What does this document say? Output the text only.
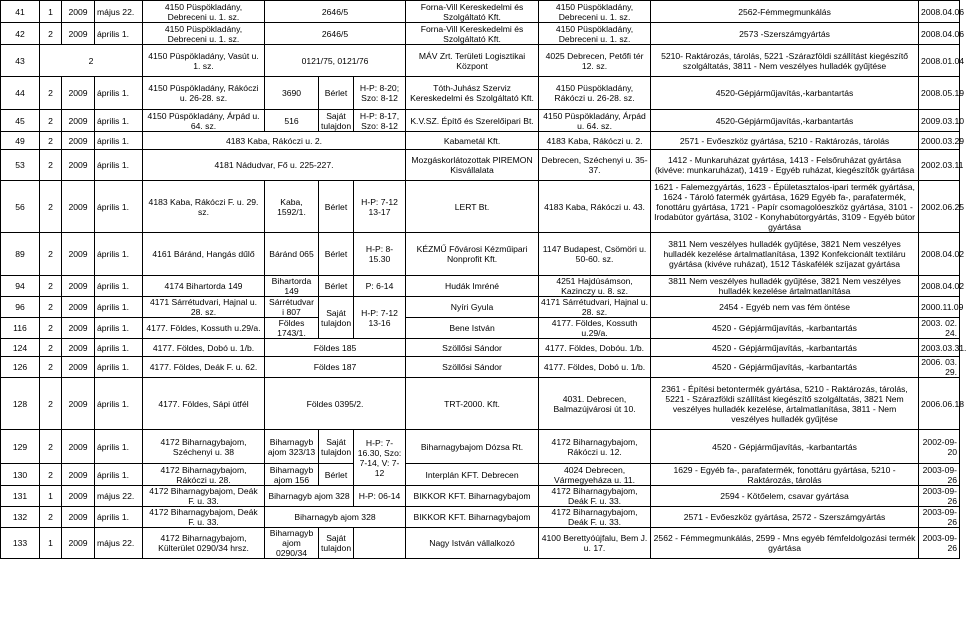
41	1	2009	május 22.	4150 Püspökladány, Debreceni u. 1. sz.	2646/5			Forna-Vill Kereskedelmi és Szolgáltató Kft.	4150 Püspökladány, Debreceni u. 1. sz.	2562-Fémmegmunkálás	2008.04.06
42	2	2009	április 1.	4150 Püspökladány, Debreceni u. 1. sz.	2646/5			Forna-Vill Kereskedelmi és Szolgáltató Kft.	4150 Püspökladány, Debreceni u. 1. sz.	2573 -Szerszámgyártás	2008.04.06
43	2			4150 Püspökladány, Vasút u. 1. sz.	0121/75, 0121/76			MÁV Zrt. Területi Logisztikai Központ	4025 Debrecen, Petőfi tér 12. sz.	5210- Raktározás, tárolás, 5221 -Szárazföldi szállítást kiegészítő szolgáltatás, 3811 - Nem veszélyes hulladék gyűjtése	2008.01.04
44	2	2009	április 1.	4150 Püspökladány, Rákóczi u. 26-28. sz.	3690	Bérlet	H-P: 8-20; Szo: 8-12	Tóth-Juhász Szerviz Kereskedelmi és Szolgáltató Kft.	4150 Püspökladány, Rákóczi u. 26-28. sz.	4520-Gépjárműjavítás,-karbantartás	2008.05.19
45	2	2009	április 1.	4150 Püspökladány, Árpád u. 64. sz.	516	Saját tulajdon	H-P: 8-17, Szo: 8-12	K.V.SZ. Építő és Szerelőipari Bt.	4150 Püspökladány, Árpád u. 64. sz.	4520-Gépjárműjavítás,-karbantartás	2009.03.10
49	2	2009	április 1.	4183 Kaba, Rákóczi u. 2.				Kabametál Kft.	4183 Kaba, Rákóczi u. 2.	2571 - Evőeszköz gyártása, 5210 - Raktározás, tárolás	2000.03.29
53	2	2009	április 1.	4181 Nádudvar, Fő u. 225-227.				Mozgáskorlátozottak PIREMON Kisvállalata	Debrecen, Széchenyi u. 35-37.	1412 - Munkaruházat gyártása, 1413 - Felsőruházat gyártása (kivéve: munkaruházat), 1419 - Egyéb ruházat, kiegészítők gyártása	2002.03.11
56	2	2009	április 1.	4183 Kaba, Rákóczi F. u. 29. sz.	Kaba, 1592/1.	Bérlet	H-P: 7-12 13-17	LERT Bt.	4183 Kaba, Rákóczi u. 43.	1621 - Falemezgyártás, 1623 - Épületasztalos-ipari termék gyártása, 1624 - Tároló fatermék gyártása, 1629 Egyéb fa-, parafatermék, fonottáru gyártása, 1721 - Papír csomagolóeszköz gyártása, 3101 - Irodabútor gyártása, 3102 - Konyhabútorgyártás, 3109 - Egyéb bútor gyártása	2002.06.25
89	2	2009	április 1.	4161 Báránd, Hangás dűlő	Báránd 065	Bérlet	H-P: 8-15.30	KÉZMŰ Fővárosi Kézműipari Nonprofit Kft.	1147 Budapest, Csömöri u. 50-60. sz.	3811 Nem veszélyes hulladék gyűjtése, 3821 Nem veszélyes hulladék kezelése ártalmatlanítása, 1392 Konfekcionált textiláru gyártása (kivéve ruházat), 1512 Táskafélék szíjazat gyártása	2008.04.02
94	2	2009	április 1.	4174 Bihartorda 149	Bihartorda 149	Bérlet	P: 6-14	Hudák Imréné	4251 Hajdúsámson, Kazinczy u. 8. sz.	3811 Nem veszélyes hulladék gyűjtése, 3821 Nem veszélyes hulladék kezelése ártalmatlanítása	2008.04.02
96	2	2009	április 1.	4171 Sárrétudvari, Hajnal u. 28. sz.	Sárrétudvar i 807	Saját tulajdon	H-P: 7-12 13-16	Nyíri Gyula	4171 Sárrétudvari, Hajnal u. 28. sz.	2454 - Egyéb nem vas fém öntése	2000.11.09
116	2	2009	április 1.	4177. Földes, Kossuth u.29/a.	Földes 1743/1.			Bene István	4177. Földes, Kossuth u.29/a.	4520 - Gépjárműjavítás, -karbantartás	2003. 02. 24.
124	2	2009	április 1.	4177. Földes, Dobó u. 1/b.	Földes 185			Szöllősi Sándor	4177. Földes, Dobóu. 1/b.	4520 - Gépjárműjavítás, -karbantartás	2003.03.31.
126	2	2009	április 1.	4177. Földes, Deák F. u. 62.	Földes 187			Szöllősi Sándor	4177. Földes, Dobó u. 1/b.	4520 - Gépjárműjavítás, -karbantartás	2006. 03. 29.
128	2	2009	április 1.	4177. Földes, Sápi útfél	Földes 0395/2.			TRT-2000. Kft.	4031. Debrecen, Balmazújvárosi út 10.	2361 - Építési betontermék gyártása, 5210 - Raktározás, tárolás, 5221 - Szárazföldi szállítást kiegészítő szolgáltatás, 3821 Nem veszélyes hulladék kezelése, ártalmatlanítása, 3811 - Nem veszélyes hulladék gyűjtése	2006.06.18
129	2	2009	április 1.	4172 Biharnagybajom, Széchenyi u. 38	Biharnagyb ajom 323/13	Saját tulajdon	H-P: 7-16.30, Szo: 7-14, V: 7-12	Biharnagybajom Dózsa Rt.	4172 Biharnagybajom, Rákóczi u. 12.	4520 - Gépjárműjavítás, -karbantartás	2002-09-20
130	2	2009	április 1.	4172 Biharnagybajom, Rákóczi u. 28.	Biharnagyb ajom 156	Bérlet		Interplán KFT. Debrecen	4024 Debrecen, Vármegyeháza u. 11.	1629 - Egyéb fa-, parafatermék, fonottáru gyártása, 5210 - Raktározás, tárolás	2003-09-26
131	1	2009	május 22.	4172 Biharnagybajom, Deák F. u. 33.	Biharnagyb ajom 328		H-P: 06-14	BIKKOR KFT. Biharnagybajom	4172 Biharnagybajom, Deák F. u. 33.	2594 - Kötőelem, csavar gyártása	2003-09-26
132	2	2009	április 1.	4172 Biharnagybajom, Deák F. u. 33.	Biharnagyb ajom 328			BIKKOR KFT. Biharnagybajom	4172 Biharnagybajom, Deák F. u. 33.	2571 - Evőeszköz gyártása, 2572 - Szerszámgyártás	2003-09-26
133	1	2009	május 22.	4172 Biharnagybajom, Külterület 0290/34 hrsz.	Biharnagyb ajom 0290/34	Saját tulajdon		Nagy István vállalkozó	4100 Berettyóújfalu, Bem J. u. 17.	2562 - Fémmegmunkálás, 2599 - Mns egyéb fémfeldolgozási termék gyártása	2003-09-26
